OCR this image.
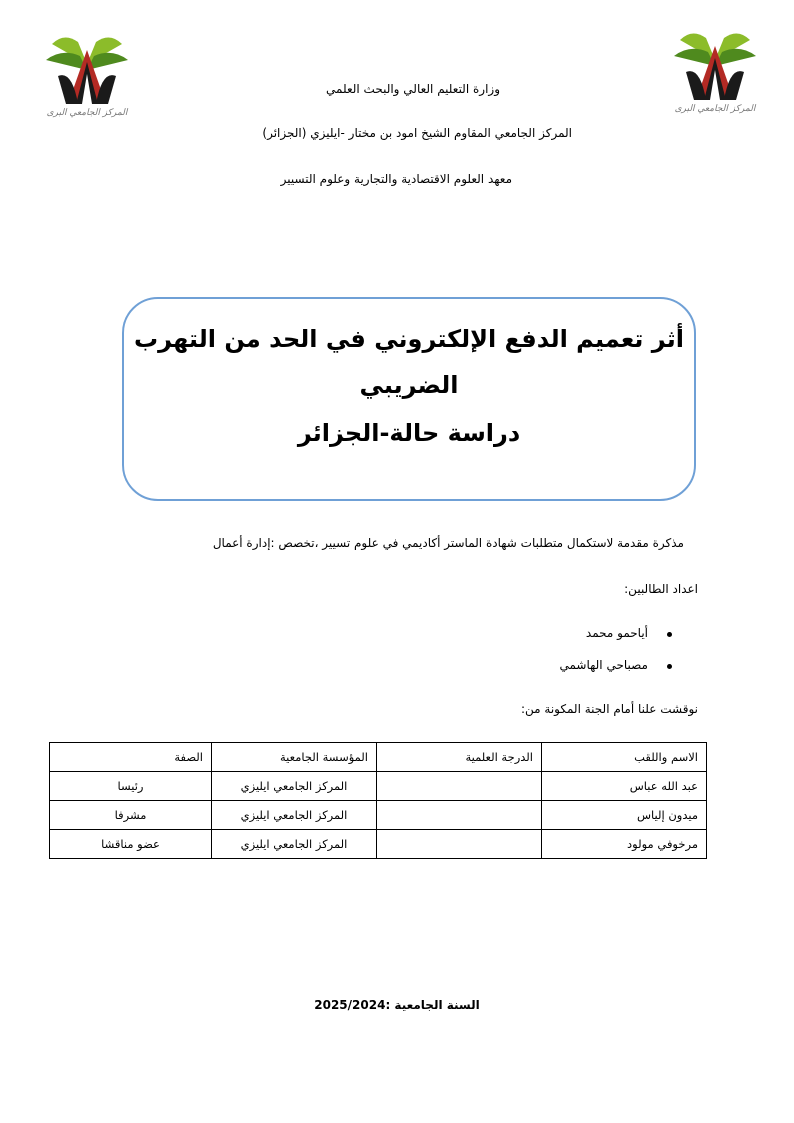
المركز الجامعي البرى
المركز الجامعي البرى
وزارة التعليم العالي والبحث العلمي
المركز الجامعي المقاوم الشيخ امود بن مختار -ايليزي (الجزائر)
معهد العلوم الاقتصادية والتجارية وعلوم التسيير
أثر تعميم الدفع الإلكتروني في الحد من التهرب
الضريبي
دراسة حالة-الجزائر
مذكرة مقدمة لاستكمال متطلبات شهادة الماستر أكاديمي في علوم تسيير ،تخصص :إدارة أعمال
اعداد الطالبين:
أياحمو محمد
مصباحي الهاشمي
نوقشت علنا أمام الجنة المكونة من:
الاسم واللقب	الدرجة العلمية	المؤسسة الجامعية	الصفة
عبد الله عباس		المركز الجامعي ايليزي	رئيسا
ميدون إلياس		المركز الجامعي ايليزي	مشرفا
مرخوفي مولود		المركز الجامعي ايليزي	عضو مناقشا
السنة الجامعية :2025/2024
